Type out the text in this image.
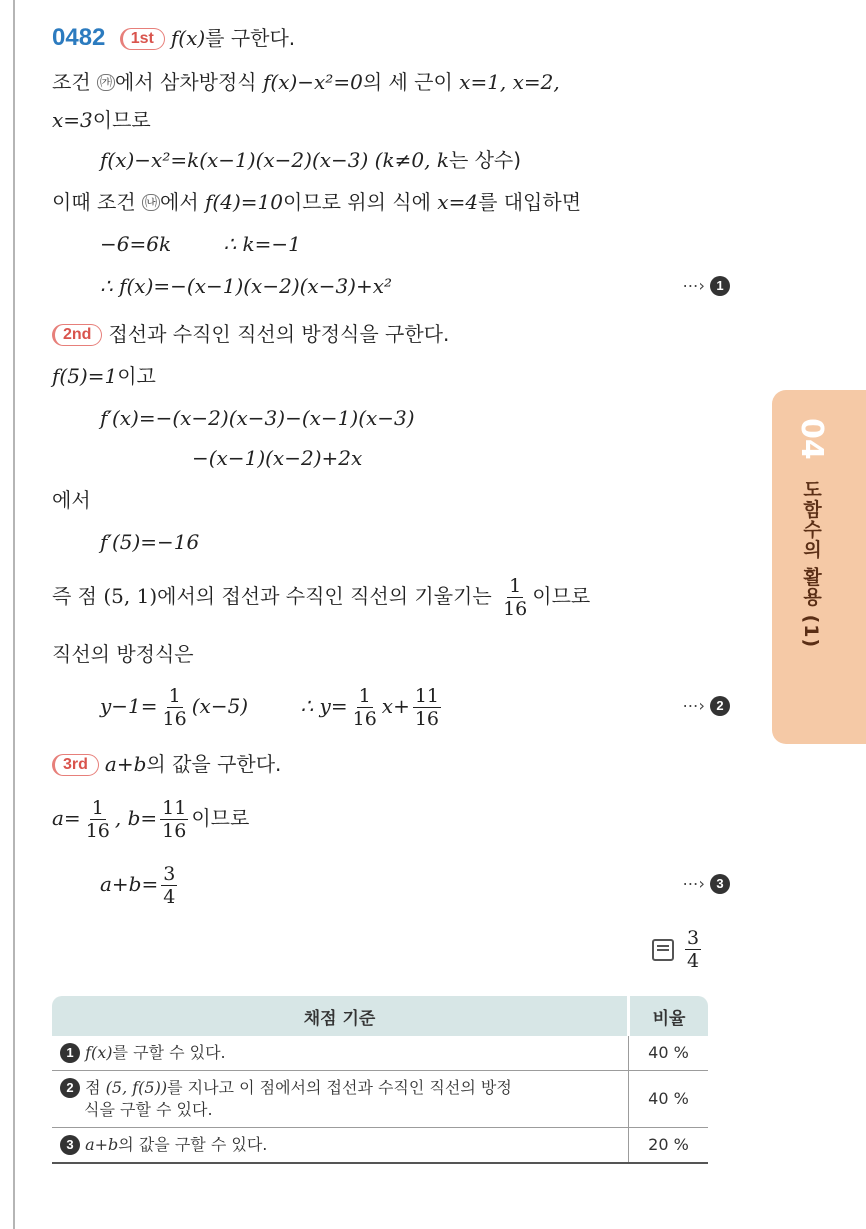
04 도함수의 활용 (1)
0482 1st f(x)를 구한다.
조건 ㈎ 에서 삼차방정식 f(x)−x²=0의 세 근이 x=1, x=2,
x=3이므로
f(x)−x²=k(x−1)(x−2)(x−3) (k≠0, k는 상수)
이때 조건 ㈏ 에서 f(4)=10이므로 위의 식에 x=4를 대입하면
−6=6k	∴ k=−1
∴ f(x)=−(x−1)(x−2)(x−3)+x²	⋯› 1
2nd 접선과 수직인 직선의 방정식을 구한다.
f(5)=1이고
f′(x)=−(x−2)(x−3)−(x−1)(x−3)
−(x−1)(x−2)+2x
에서
f′(5)=−16
즉 점 (5, 1)에서의 접선과 수직인 직선의 기울기는 $\frac{1}{16}$ 이므로
직선의 방정식은
$y-1= \frac{1}{16} (x-5)$	∴ $y= \frac{1}{16} x+ \frac{11}{16}$	⋯› 2
3rd a+b의 값을 구한다.
$a= \frac{1}{16}$ , $b= \frac{11}{16}$ 이므로
$a+b= \frac{3}{4}$	⋯› 3
$\frac{3}{4}$
채점 기준	비율
1 f(x)를 구할 수 있다.	40 %
2 점 (5, f(5))를 지나고 이 점에서의 접선과 수직인 직선의 방정
식을 구할 수 있다.	40 %
3 a+b의 값을 구할 수 있다.	20 %
